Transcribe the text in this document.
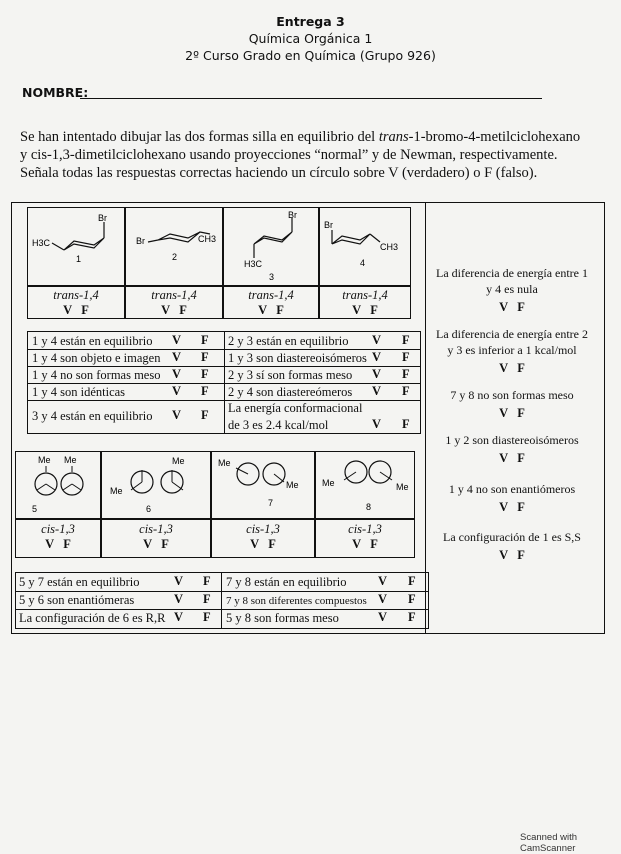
Entrega 3
Química Orgánica 1
2º Curso Grado en Química (Grupo 926)
NOMBRE:
Se han intentado dibujar las dos formas silla en equilibrio del trans-1-bromo-4-metilciclohexano y cis-1,3-dimetilciclohexano usando proyecciones “normal” y de Newman, respectivamente. Señala todas las respuestas correctas haciendo un círculo sobre V (verdadero) o F (falso).
Br
H3C
1
Br	CH3
2
Br
H3C
3
Br
CH3
4
trans-1,4
V   F
trans-1,4
V   F
trans-1,4
V   F
trans-1,4
V   F
1 y 4 están en equilibrio	V F
1 y 4 son objeto e imagen V F
1 y 4 no son formas meso V F
1 y 4 son idénticas	V F
3 y 4 están en equilibrio V F
2 y 3 están en equilibrio V F
1 y 3 son diastereoisómeros V F
2 y 3 sí son formas meso V F
2 y 4 son diastereómeros V F
La energía conformacional de 3 es 2.4 kcal/mol	V F
Me Me
5
Me
Me
6
Me
Me
7
Me	Me
8
cis-1,3
V   F
cis-1,3
V   F
cis-1,3
V   F
cis-1,3
V   F
5 y 7 están en equilibrio	V F
5 y 6 son enantiómeras	V F
La configuración de 6 es R,R V F
7 y 8 están en equilibrio	V F
7 y 8 son diferentes compuestos V F
5 y 8 son formas meso	V F
La diferencia de energía entre 1 y 4 es nula
V   F
La diferencia de energía entre 2 y 3 es inferior a 1 kcal/mol
V   F
7 y 8 no son formas meso
V   F
1 y 2 son diastereoisómeros
V   F
1 y 4 no son enantiómeros
V   F
La configuración de 1 es S,S
V   F
Scanned with CamScanner
